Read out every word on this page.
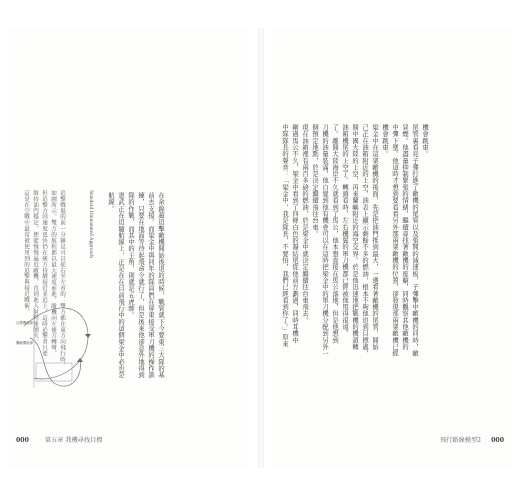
在余錦超追擊敵機開始後退的時候，戰管就下今要東三大隊的基
前去支援。而梁金中與同年的隊員們在屏東接受軍刀機的操作訓
練，只要在地面等待起飛命令就行了，但是後來他卻意外地得到
隊的作戰，而其中的主角，則就是五虎帥。
憲武正在追隨航線上，正是在在目前飛行中的這個梁金中必也是
航線。
追擊戰場的前一分鐘是可以從右至左看的：雙方都在東方向飛行時，
如圖所示，雙方的航程都以最大速度前進，敵機向左後方轉彎，
但追擊方因速度更快仍在後方持續接近並追上，這時追擊者只要
維持油門穩定，便能慢慢逼近敵機，直到進入射程後開火。
這是在空戰中最常被使用到的追擊與接近戰術。	Standard Ummanned Approach
目標機航線
攔截機航線
000	第五章 我機尋找目標
機會跳車。
尾管裏看見子彈打進了敵機的尾管以及張開的減速板，子彈擊中敵機的同時，敵
冒煙。他盡量抑制緊張的情緒，繼續尋找著敵機的座艙，同時觀察其他敵機的
中彈下墜。他這時才想到要看看另外那兩架敵機的位置，卻發現那兩架敵機已經
機會跳車。
梁金中在這架敵機的後面，先是把油門推到最大，一邊看著敵機的尾管，開始
己正在油箱附近的上空，油表上顯示剩餘不多的燃油，根本不夠他追到目標處，
開中國大陸的上空，再來蘭嶼附近的海空交界。於是他迅速地把戰機的機頭轉
油箱機尾的上空了。轉頭看時，左右機翼的軍刀機都已經被他甩得很遠。
了。離開大陸海岸不久就看到了馬公，他本想直接在馬公落地，但是他想到
刀機的油量裝滿，他自覺到他有機會可以在這時把梁金中的軍刀機分配到另外一
個預定地點，於是決定繼續飛往台東。
現在油箱裡有兩百多磅的燃油，於是梁金中就決定繼續往台東飛去。
剛過馬公不久，梁金中看到了四條白色的凝結尾從他前方劃過，同時耳機中
中隊隊長的聲音：「梁金中，我是隊長，不要怕，我們已經看到你了。」原來
飛行路線模型2 000
